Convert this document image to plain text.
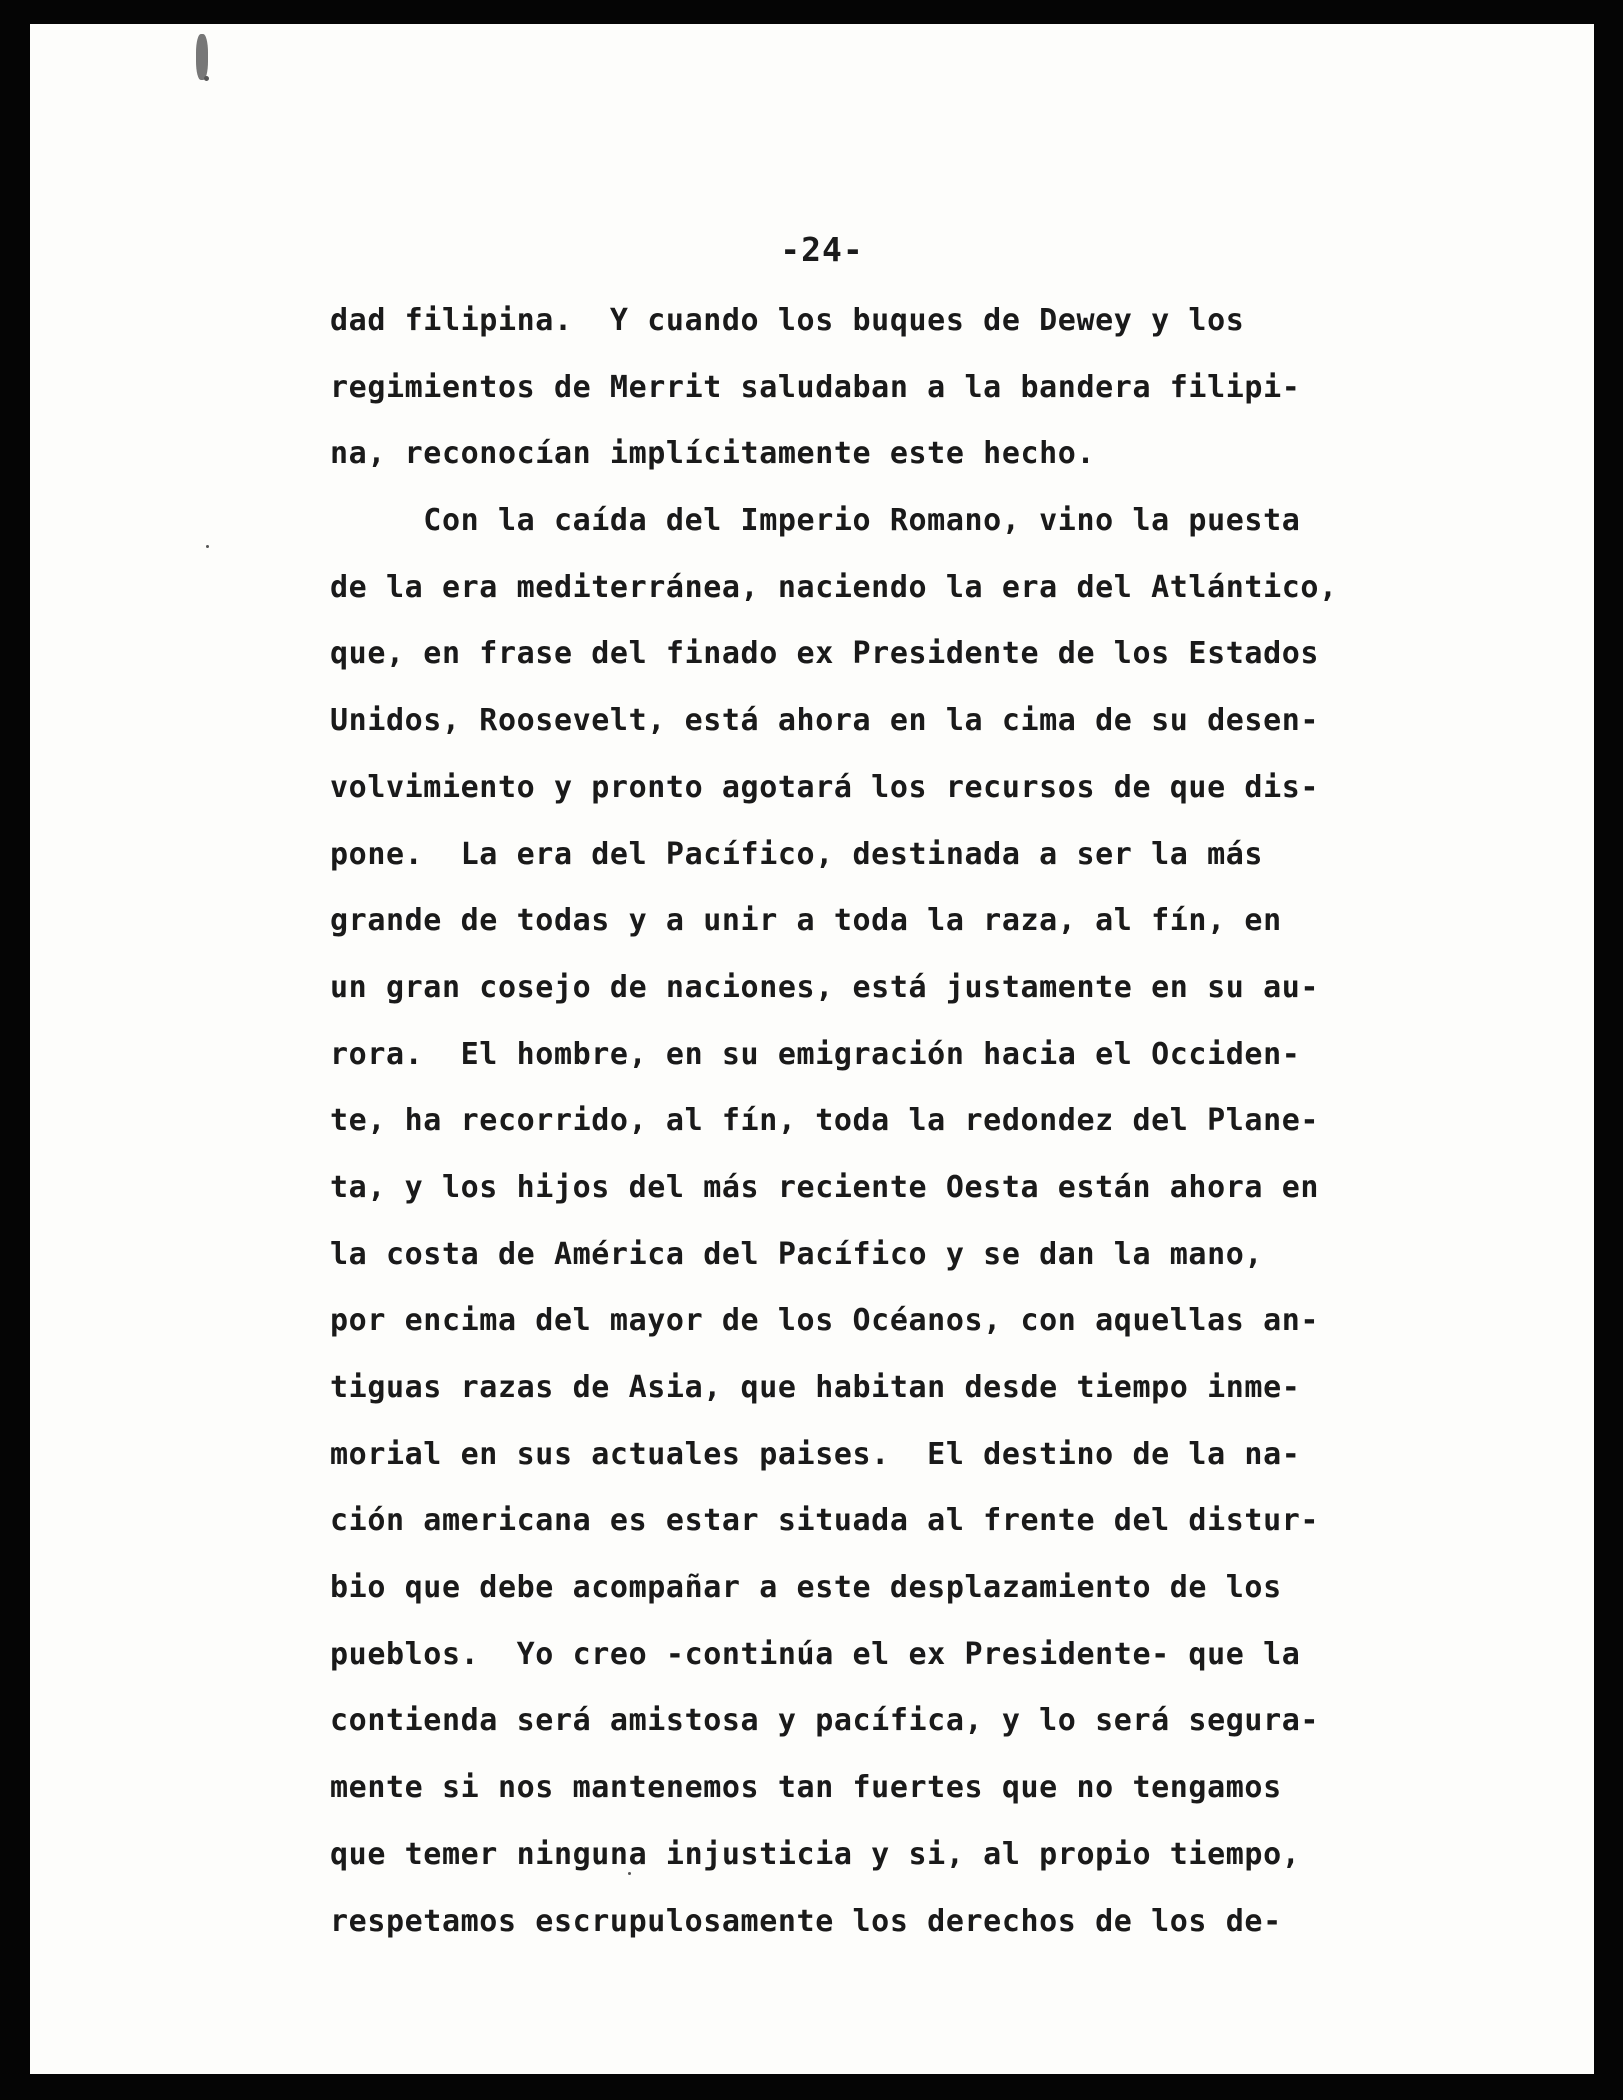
-24-
dad filipina.  Y cuando los buques de Dewey y los
regimientos de Merrit saludaban a la bandera filipi-
na, reconocían implícitamente este hecho.
Con la caída del Imperio Romano, vino la puesta
de la era mediterránea, naciendo la era del Atlántico,
que, en frase del finado ex Presidente de los Estados
Unidos, Roosevelt, está ahora en la cima de su desen-
volvimiento y pronto agotará los recursos de que dis-
pone.  La era del Pacífico, destinada a ser la más
grande de todas y a unir a toda la raza, al fín, en
un gran cosejo de naciones, está justamente en su au-
rora.  El hombre, en su emigración hacia el Occiden-
te, ha recorrido, al fín, toda la redondez del Plane-
ta, y los hijos del más reciente Oesta están ahora en
la costa de América del Pacífico y se dan la mano,
por encima del mayor de los Océanos, con aquellas an-
tiguas razas de Asia, que habitan desde tiempo inme-
morial en sus actuales paises.  El destino de la na-
ción americana es estar situada al frente del distur-
bio que debe acompañar a este desplazamiento de los
pueblos.  Yo creo -continúa el ex Presidente- que la
contienda será amistosa y pacífica, y lo será segura-
mente si nos mantenemos tan fuertes que no tengamos
que temer ninguna injusticia y si, al propio tiempo,
respetamos escrupulosamente los derechos de los de-
